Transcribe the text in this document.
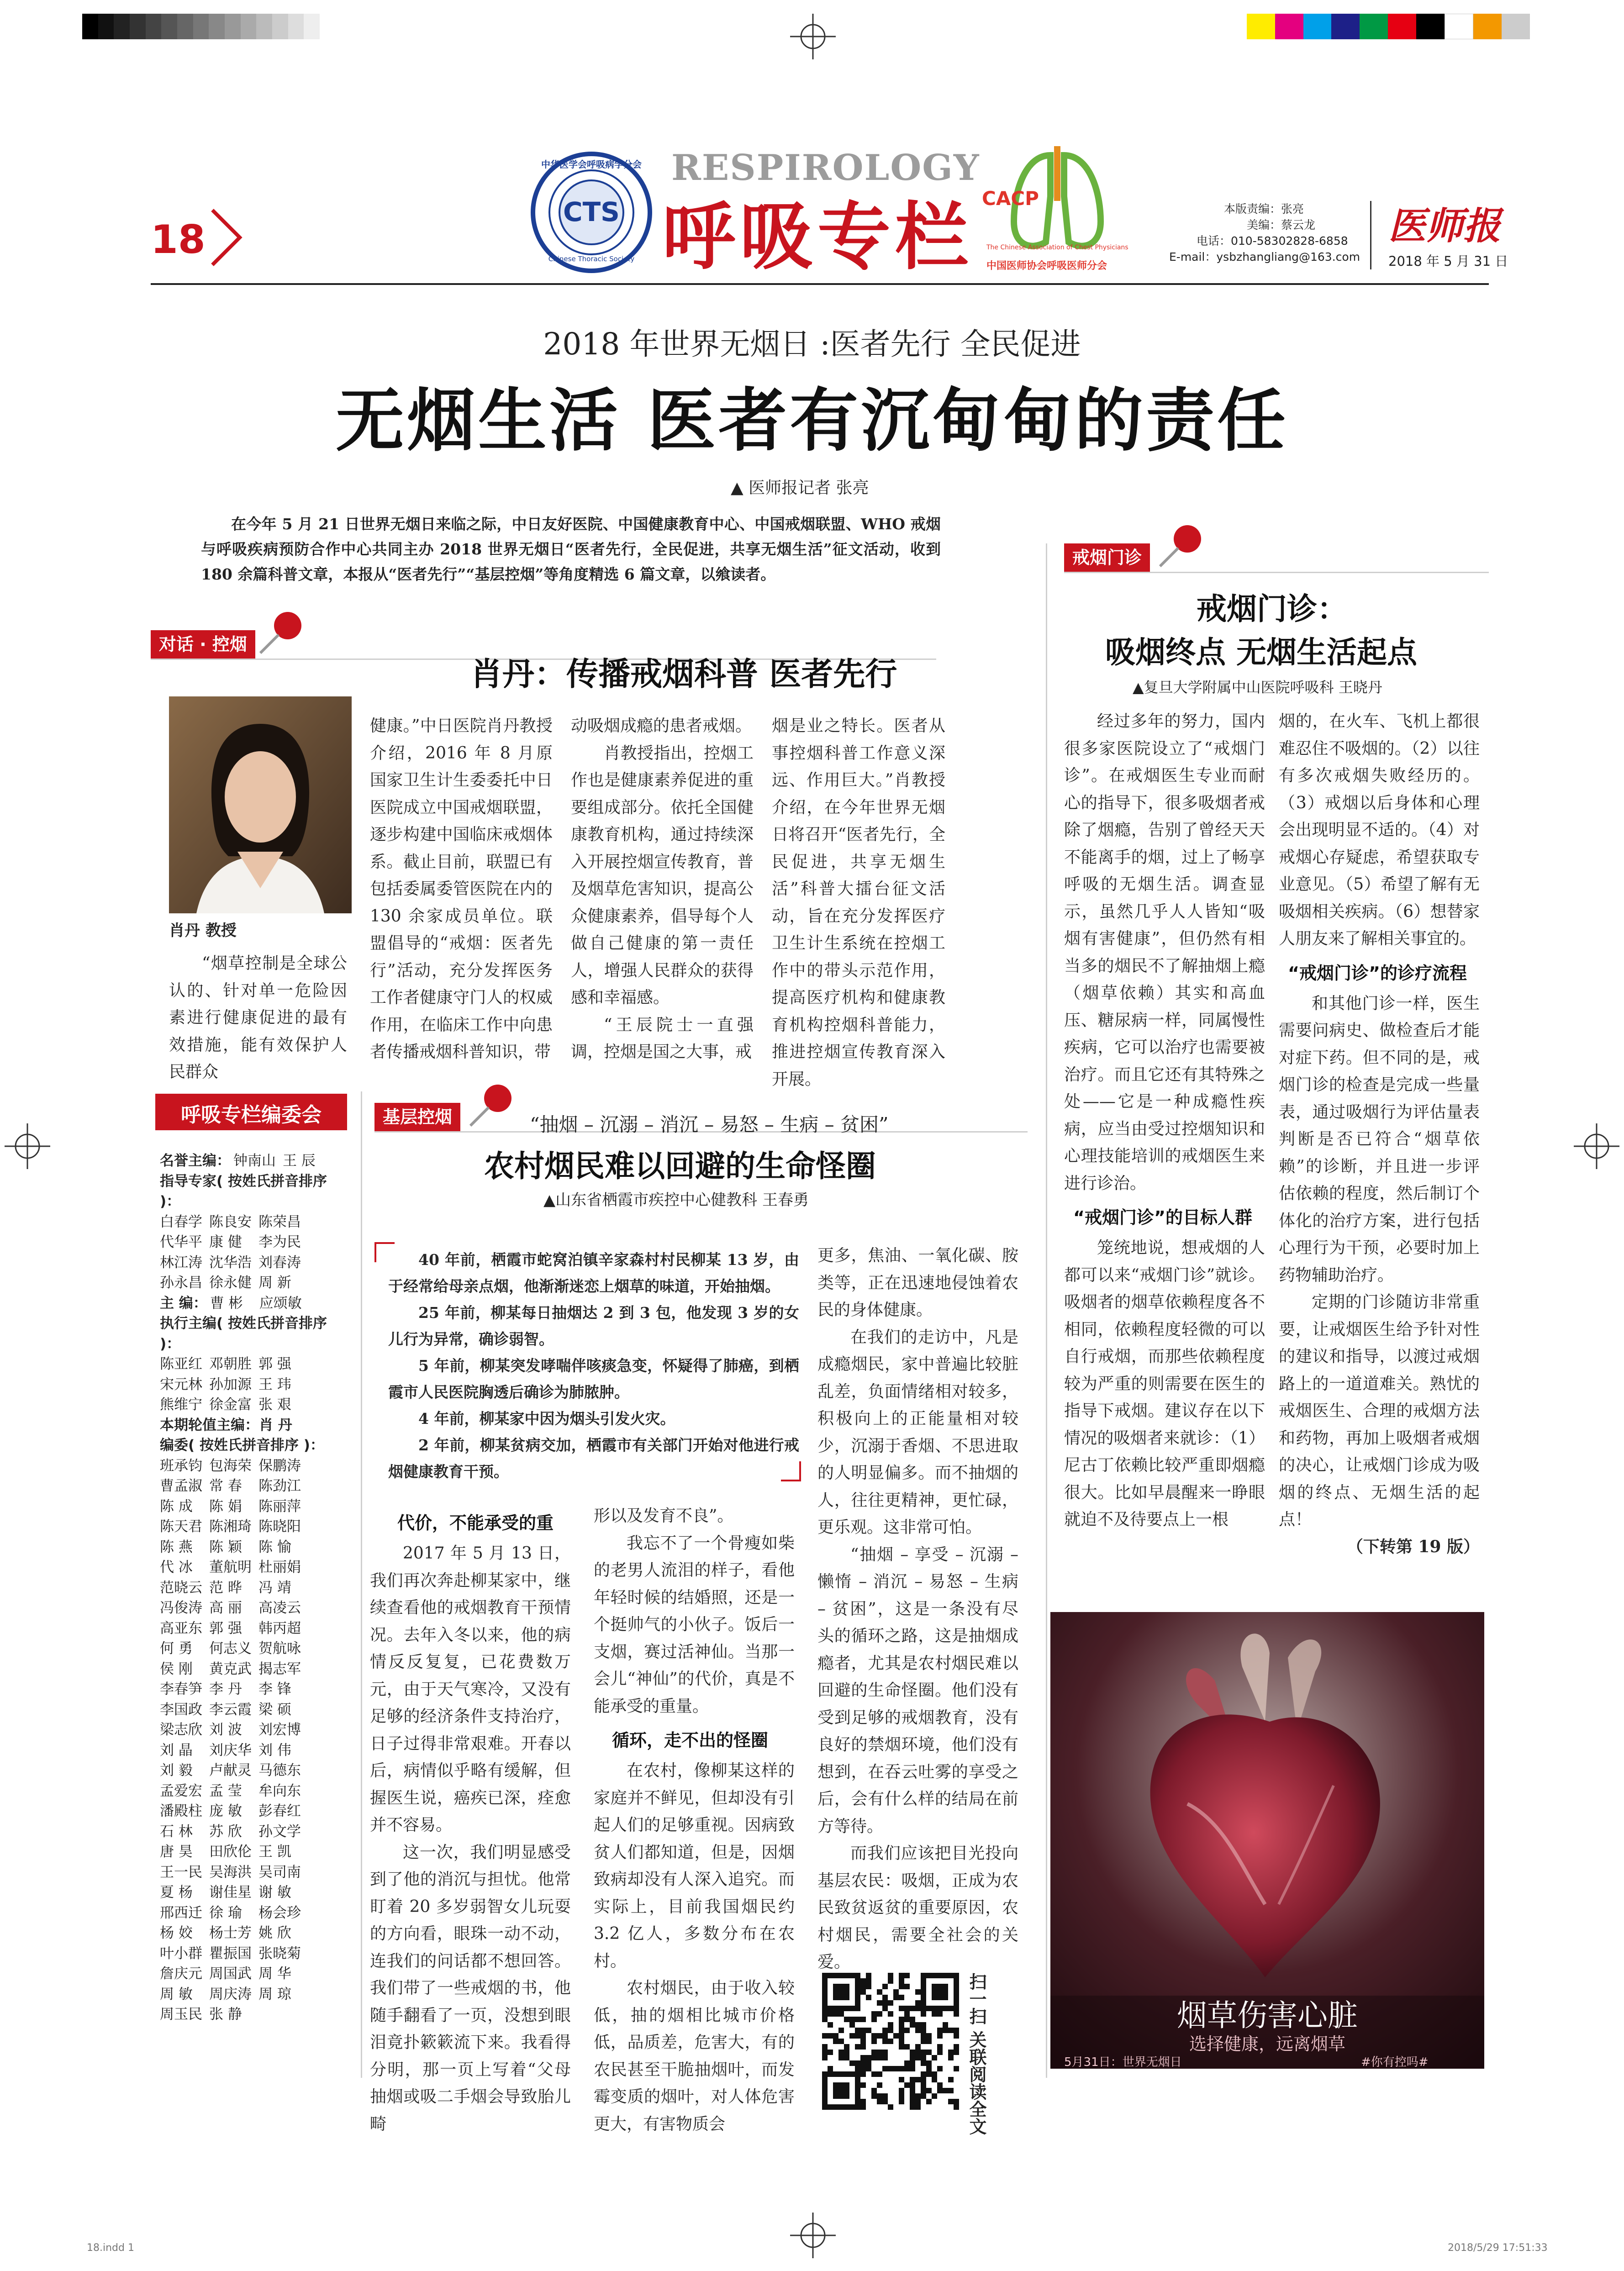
18
CTS
中华医学会呼吸病学分会
Chinese Thoracic Society
RESPIROLOGY
呼吸专栏 CACP
The Chinese Association of Chest Physicians
中国医师协会呼吸医师分会
本版责编：张亮
美编：蔡云龙
电话：010-58302828-6858
E-mail：ysbzhangliang@163.com
医师报
2018 年 5 月 31 日
2018 年世界无烟日 :医者先行 全民促进
无烟生活 医者有沉甸甸的责任
▲ 医师报记者 张亮
在今年 5 月 21 日世界无烟日来临之际，中日友好医院、中国健康教育中心、中国戒烟联盟、WHO 戒烟与呼吸疾病预防合作中心共同主办 2018 世界无烟日“医者先行，全民促进，共享无烟生活”征文活动，收到 180 余篇科普文章，本报从“医者先行”“基层控烟”等角度精选 6 篇文章，以飨读者。
对话 · 控烟
肖丹：传播戒烟科普 医者先行
肖丹 教授

“烟草控制是全球公认的、针对单一危险因素进行健康促进的最有效措施，能有效保护人民群众

健康。”中日医院肖丹教授介绍，2016 年 8 月原国家卫生计生委委托中日医院成立中国戒烟联盟，逐步构建中国临床戒烟体系。截止目前，联盟已有包括委属委管医院在内的 130 余家成员单位。联盟倡导的“戒烟：医者先行”活动，充分发挥医务工作者健康守门人的权威作用，在临床工作中向患者传播戒烟科普知识，带

动吸烟成瘾的患者戒烟。

肖教授指出，控烟工作也是健康素养促进的重要组成部分。依托全国健康教育机构，通过持续深入开展控烟宣传教育，普及烟草危害知识，提高公众健康素养，倡导每个人做自己健康的第一责任人，增强人民群众的获得感和幸福感。

“王辰院士一直强调，控烟是国之大事，戒

烟是业之特长。医者从事控烟科普工作意义深远、作用巨大。”肖教授介绍，在今年世界无烟日将召开“医者先行，全民促进，共享无烟生活”科普大擂台征文活动，旨在充分发挥医疗卫生计生系统在控烟工作中的带头示范作用，提高医疗机构和健康教育机构控烟科普能力，推进控烟宣传教育深入开展。

呼吸专栏编委会
名誉主编： 钟南山 王 辰
指导专家( 按姓氏拼音排序 )：
白春学 陈良安 陈荣昌
代华平 康 健	李为民
林江涛 沈华浩 刘春涛
孙永昌 徐永健 周 新
主 编： 曹 彬	应颂敏
执行主编( 按姓氏拼音排序 )：
陈亚红 邓朝胜 郭 强
宋元林 孙加源 王 玮
熊维宁 徐金富 张 艰
本期轮值主编：肖 丹
编委( 按姓氏拼音排序 )：
班承钧 包海荣 保鹏涛
曹孟淑 常 春	陈劲江
陈 成	陈 娟	陈丽萍
陈天君 陈湘琦 陈晓阳
陈 燕	陈 颖	陈 愉
代 冰	董航明 杜丽娟
范晓云 范 晔	冯 靖
冯俊涛 高 丽	高凌云
高亚东 郭 强	韩丙超
何 勇	何志义 贺航咏
侯 刚	黄克武 揭志军
李春笋 李 丹	李 锋
李国政 李云霞 梁 硕
梁志欣 刘 波	刘宏博
刘 晶	刘庆华 刘 伟
刘 毅	卢献灵 马德东
孟爱宏 孟 莹	牟向东
潘殿柱 庞 敏	彭春红
石 林	苏 欣	孙文学
唐 昊	田欣伦 王 凯
王一民 吴海洪 吴司南
夏 杨	谢佳星 谢 敏
邢西迁 徐 瑜	杨会珍
杨 姣	杨士芳 姚 欣
叶小群 瞿振国 张晓菊
詹庆元 周国武 周 华
周 敏	周庆涛 周 琼
周玉民 张 静
基层控烟	“抽烟 – 沉溺 – 消沉 – 易怒 – 生病 – 贫困”
农村烟民难以回避的生命怪圈
▲山东省栖霞市疾控中心健教科 王春勇

40 年前，栖霞市蛇窝泊镇辛家森村村民柳某 13 岁，由于经常给母亲点烟，他渐渐迷恋上烟草的味道，开始抽烟。

25 年前，柳某每日抽烟达 2 到 3 包，他发现 3 岁的女儿行为异常，确诊弱智。

5 年前，柳某突发哮喘伴咳痰急变，怀疑得了肺癌，到栖霞市人民医院胸透后确诊为肺脓肿。

4 年前，柳某家中因为烟头引发火灾。

2 年前，柳某贫病交加，栖霞市有关部门开始对他进行戒烟健康教育干预。

更多，焦油、一氧化碳、胺类等，正在迅速地侵蚀着农民的身体健康。

在我们的走访中，凡是成瘾烟民，家中普遍比较脏乱差，负面情绪相对较多，积极向上的正能量相对较少，沉溺于香烟、不思进取的人明显偏多。而不抽烟的人，往往更精神，更忙碌，更乐观。这非常可怕。

“抽烟 – 享受 – 沉溺 – 懒惰 – 消沉 – 易怒 – 生病 – 贫困”，这是一条没有尽头的循环之路，这是抽烟成瘾者，尤其是农村烟民难以回避的生命怪圈。他们没有受到足够的戒烟教育，没有良好的禁烟环境，他们没有想到，在吞云吐雾的享受之后，会有什么样的结局在前方等待。

而我们应该把目光投向基层农民：吸烟，正成为农民致贫返贫的重要原因，农村烟民，需要全社会的关爱。

代价，不能承受的重

2017 年 5 月 13 日，我们再次奔赴柳某家中，继续查看他的戒烟教育干预情况。去年入冬以来，他的病情反反复复，已花费数万元，由于天气寒冷，又没有足够的经济条件支持治疗，日子过得非常艰难。开春以后，病情似乎略有缓解，但握医生说，癌疾已深，痊愈并不容易。

这一次，我们明显感受到了他的消沉与担忧。他常盯着 20 多岁弱智女儿玩耍的方向看，眼珠一动不动，连我们的问话都不想回答。我们带了一些戒烟的书，他随手翻看了一页，没想到眼泪竟扑簌簌流下来。我看得分明，那一页上写着“父母抽烟或吸二手烟会导致胎儿畸

形以及发育不良”。

我忘不了一个骨瘦如柴的老男人流泪的样子，看他年轻时候的结婚照，还是一个挺帅气的小伙子。饭后一支烟，赛过活神仙。当那一会儿“神仙”的代价，真是不能承受的重量。

循环，走不出的怪圈

在农村，像柳某这样的家庭并不鲜见，但却没有引起人们的足够重视。因病致贫人们都知道，但是，因烟致病却没有人深入追究。而实际上，目前我国烟民约 3.2 亿人，多数分布在农村。

农村烟民，由于收入较低，抽的烟相比城市价格低，品质差，危害大，有的农民甚至干脆抽烟叶，而发霉变质的烟叶，对人体危害更大，有害物质会	扫一扫 关联阅读全文
戒烟门诊
戒烟门诊：
吸烟终点 无烟生活起点
▲复旦大学附属中山医院呼吸科 王晓丹

经过多年的努力，国内很多家医院设立了“戒烟门诊”。在戒烟医生专业而耐心的指导下，很多吸烟者戒除了烟瘾，告别了曾经天天不能离手的烟，过上了畅享呼吸的无烟生活。调查显示，虽然几乎人人皆知“吸烟有害健康”，但仍然有相当多的烟民不了解抽烟上瘾（烟草依赖）其实和高血压、糖尿病一样，同属慢性疾病，它可以治疗也需要被治疗。而且它还有其特殊之处——它是一种成瘾性疾病，应当由受过控烟知识和心理技能培训的戒烟医生来进行诊治。

“戒烟门诊”的目标人群

笼统地说，想戒烟的人都可以来“戒烟门诊”就诊。吸烟者的烟草依赖程度各不相同，依赖程度轻微的可以自行戒烟，而那些依赖程度较为严重的则需要在医生的指导下戒烟。建议存在以下情况的吸烟者来就诊：（1）尼古丁依赖比较严重即烟瘾很大。比如早晨醒来一睁眼就迫不及待要点上一根

烟的，在火车、飞机上都很难忍住不吸烟的。（2）以往有多次戒烟失败经历的。（3）戒烟以后身体和心理会出现明显不适的。（4）对戒烟心存疑虑，希望获取专业意见。（5）希望了解有无吸烟相关疾病。（6）想替家人朋友来了解相关事宜的。

“戒烟门诊”的诊疗流程

和其他门诊一样，医生需要问病史、做检查后才能对症下药。但不同的是，戒烟门诊的检查是完成一些量表，通过吸烟行为评估量表判断是否已符合“烟草依赖”的诊断，并且进一步评估依赖的程度，然后制订个体化的治疗方案，进行包括心理行为干预，必要时加上药物辅助治疗。

定期的门诊随访非常重要，让戒烟医生给予针对性的建议和指导，以渡过戒烟路上的一道道难关。熟忧的戒烟医生、合理的戒烟方法和药物，再加上吸烟者戒烟的决心，让戒烟门诊成为吸烟的终点、无烟生活的起点！

（下转第 19 版）

烟草伤害心脏
选择健康，远离烟草
5月31日：世界无烟日	#你有控吗#
18.indd 1	2018/5/29 17:51:33
